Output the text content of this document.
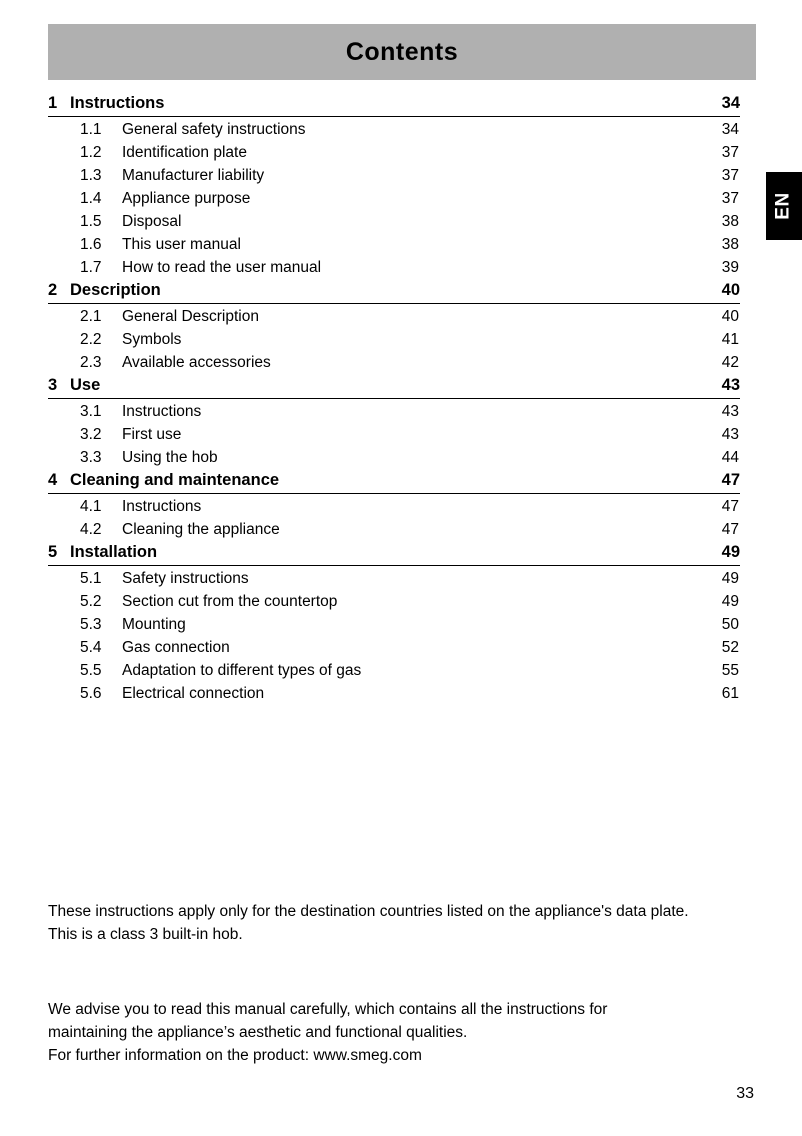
Contents
EN
1 Instructions	34
1.1	General safety instructions	34
1.2	Identification plate	37
1.3	Manufacturer liability	37
1.4	Appliance purpose	37
1.5	Disposal	38
1.6	This user manual	38
1.7	How to read the user manual	39
2 Description	40
2.1	General Description	40
2.2	Symbols	41
2.3	Available accessories	42
3 Use	43
3.1	Instructions	43
3.2	First use	43
3.3	Using the hob	44
4 Cleaning and maintenance	47
4.1	Instructions	47
4.2	Cleaning the appliance	47
5 Installation	49
5.1	Safety instructions	49
5.2	Section cut from the countertop	49
5.3	Mounting	50
5.4	Gas connection	52
5.5	Adaptation to different types of gas	55
5.6	Electrical connection	61

These instructions apply only for the destination countries listed on the appliance's data plate.

This is a class 3 built-in hob.

We advise you to read this manual carefully, which contains all the instructions for

maintaining the appliance’s aesthetic and functional qualities.

For further information on the product: www.smeg.com

33
